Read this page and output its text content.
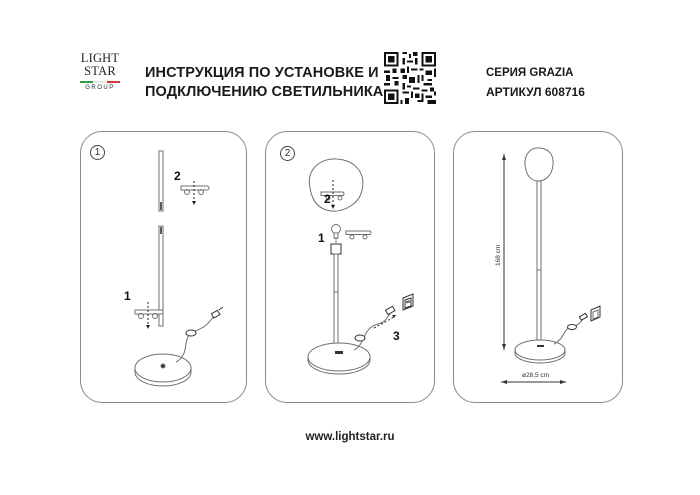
LIGHT
STAR
GROUP
ИНСТРУКЦИЯ ПО УСТАНОВКЕ И
ПОДКЛЮЧЕНИЮ СВЕТИЛЬНИКА
СЕРИЯ GRAZIA
АРТИКУЛ 608716
1
2
1
2
2
1
3
168 cm
ø28,5 cm
www.lightstar.ru
